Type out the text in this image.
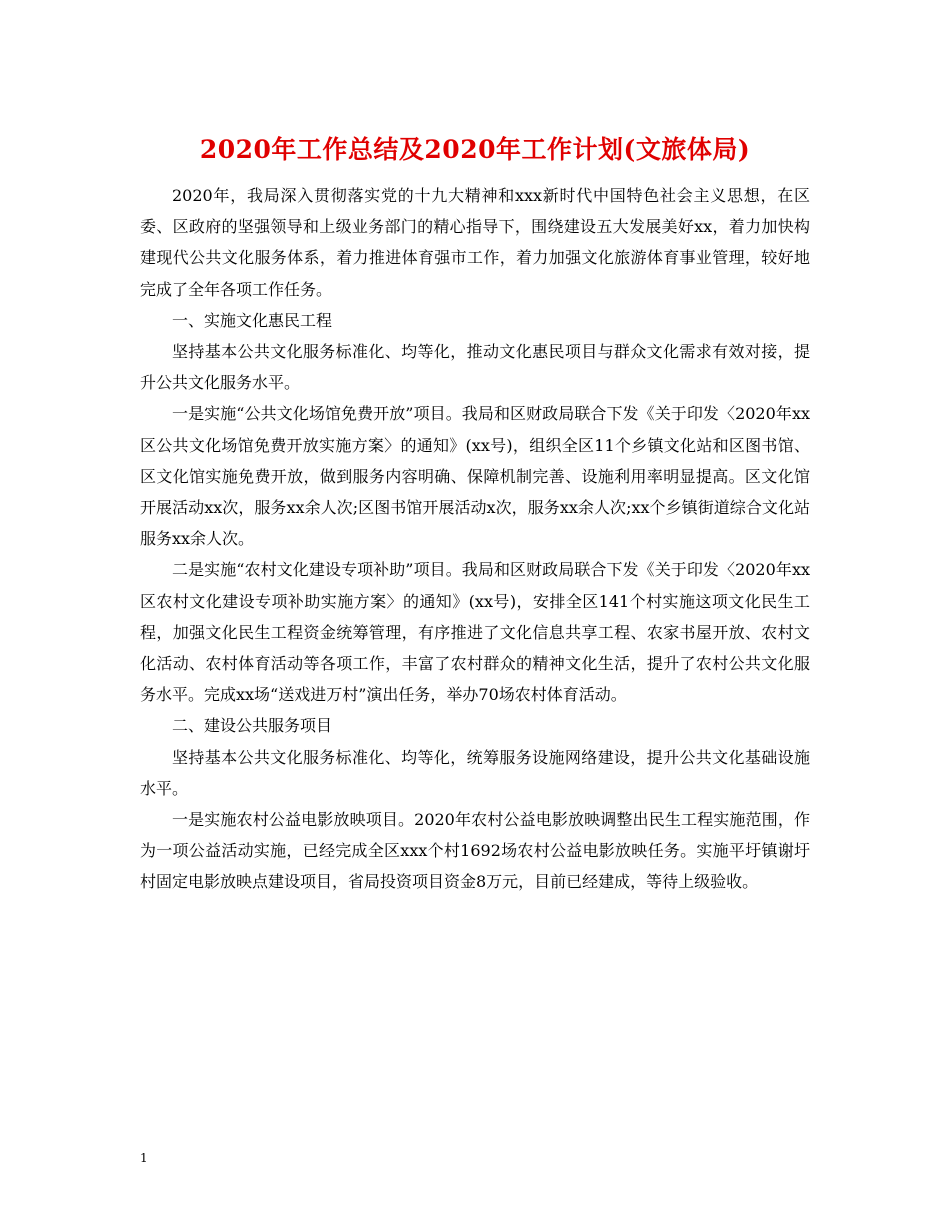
2020年工作总结及2020年工作计划(文旅体局)

2020年，我局深入贯彻落实党的十九大精神和xxx新时代中国特色社会主义思想，在区委、区政府的坚强领导和上级业务部门的精心指导下，围绕建设五大发展美好xx，着力加快构建现代公共文化服务体系，着力推进体育强市工作，着力加强文化旅游体育事业管理，较好地完成了全年各项工作任务。

一、实施文化惠民工程

坚持基本公共文化服务标准化、均等化，推动文化惠民项目与群众文化需求有效对接，提升公共文化服务水平。

一是实施“公共文化场馆免费开放”项目。我局和区财政局联合下发《关于印发〈2020年xx区公共文化场馆免费开放实施方案〉的通知》(xx号)，组织全区11个乡镇文化站和区图书馆、区文化馆实施免费开放，做到服务内容明确、保障机制完善、设施利用率明显提高。区文化馆开展活动xx次，服务xx余人次;区图书馆开展活动x次，服务xx余人次;xx个乡镇街道综合文化站服务xx余人次。

二是实施“农村文化建设专项补助”项目。我局和区财政局联合下发《关于印发〈2020年xx区农村文化建设专项补助实施方案〉的通知》(xx号)，安排全区141个村实施这项文化民生工程，加强文化民生工程资金统筹管理，有序推进了文化信息共享工程、农家书屋开放、农村文化活动、农村体育活动等各项工作，丰富了农村群众的精神文化生活，提升了农村公共文化服务水平。完成xx场“送戏进万村”演出任务，举办70场农村体育活动。

二、建设公共服务项目

坚持基本公共文化服务标准化、均等化，统筹服务设施网络建设，提升公共文化基础设施水平。

一是实施农村公益电影放映项目。2020年农村公益电影放映调整出民生工程实施范围，作为一项公益活动实施，已经完成全区xxx个村1692场农村公益电影放映任务。实施平圩镇谢圩村固定电影放映点建设项目，省局投资项目资金8万元，目前已经建成，等待上级验收。

1
